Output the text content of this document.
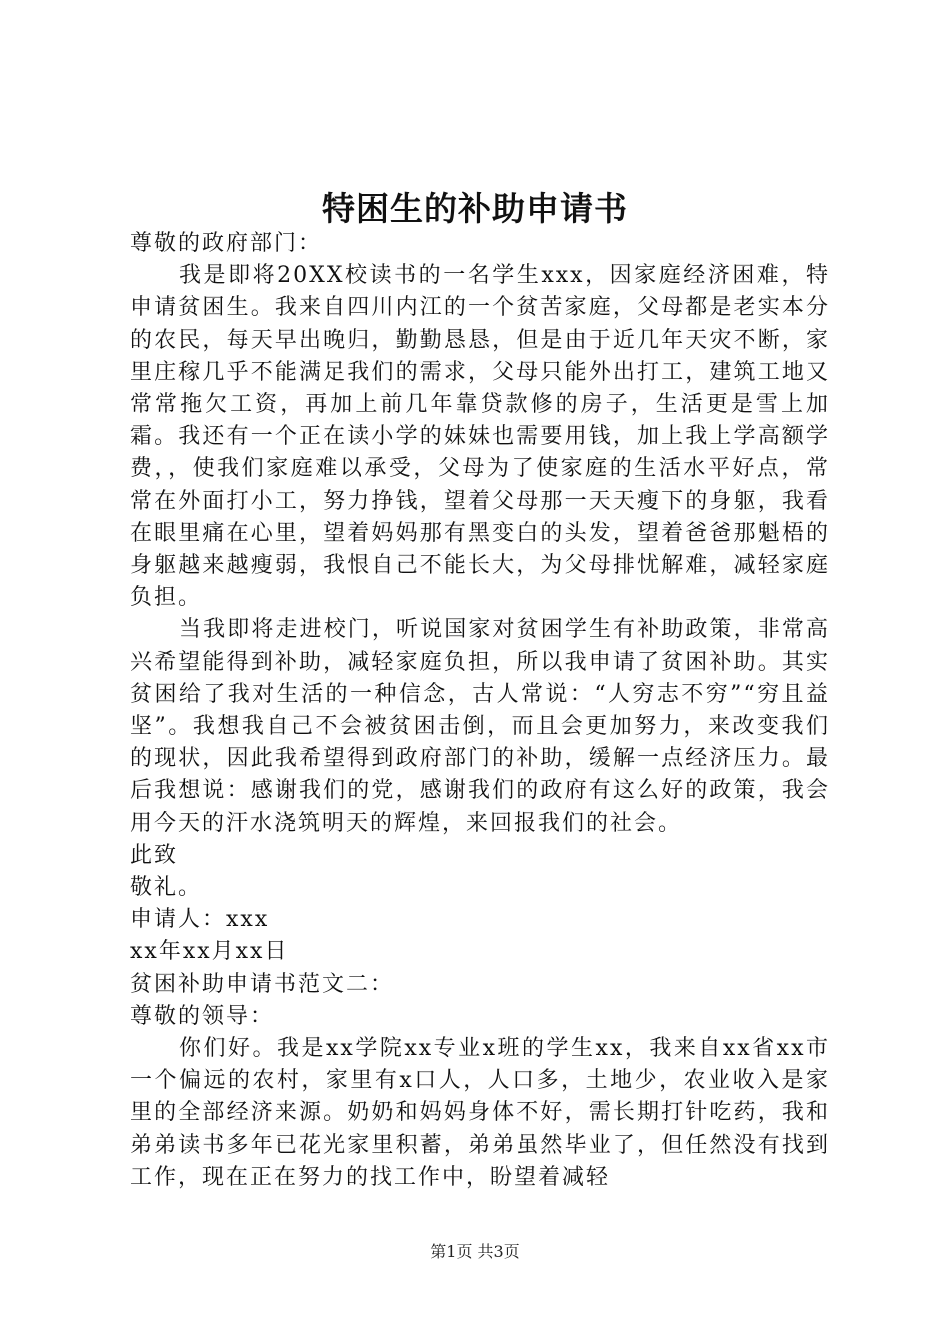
特困生的补助申请书

尊敬的政府部门：

我是即将20XX校读书的一名学生xxx，因家庭经济困难，特申请贫困生。我来自四川内江的一个贫苦家庭，父母都是老实本分的农民，每天早出晚归，勤勤恳恳，但是由于近几年天灾不断，家里庄稼几乎不能满足我们的需求，父母只能外出打工，建筑工地又常常拖欠工资，再加上前几年靠贷款修的房子，生活更是雪上加霜。我还有一个正在读小学的妹妹也需要用钱，加上我上学高额学费，，使我们家庭难以承受，父母为了使家庭的生活水平好点，常常在外面打小工，努力挣钱，望着父母那一天天瘦下的身躯，我看在眼里痛在心里，望着妈妈那有黑变白的头发，望着爸爸那魁梧的身躯越来越瘦弱，我恨自己不能长大，为父母排忧解难，减轻家庭负担。

当我即将走进校门，听说国家对贫困学生有补助政策，非常高兴希望能得到补助，减轻家庭负担，所以我申请了贫困补助。其实贫困给了我对生活的一种信念，古人常说：“人穷志不穷”“穷且益坚”。我想我自己不会被贫困击倒，而且会更加努力，来改变我们的现状，因此我希望得到政府部门的补助，缓解一点经济压力。最后我想说：感谢我们的党，感谢我们的政府有这么好的政策，我会用今天的汗水浇筑明天的辉煌，来回报我们的社会。

此致

敬礼。

申请人：xxx

xx年xx月xx日

贫困补助申请书范文二：

尊敬的领导：

你们好。我是xx学院xx专业x班的学生xx，我来自xx省xx市一个偏远的农村，家里有x口人，人口多，土地少，农业收入是家里的全部经济来源。奶奶和妈妈身体不好，需长期打针吃药，我和弟弟读书多年已花光家里积蓄，弟弟虽然毕业了，但任然没有找到工作，现在正在努力的找工作中，盼望着减轻

第1页 共3页
